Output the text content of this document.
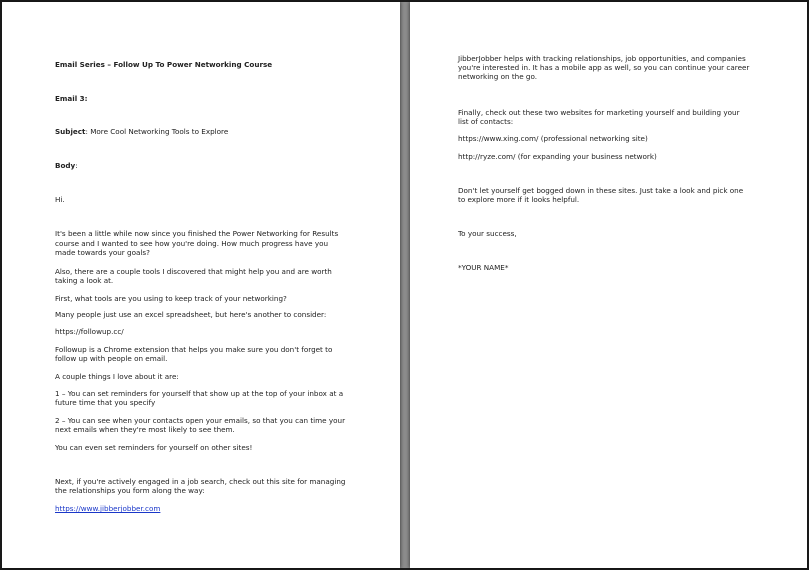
Email Series – Follow Up To Power Networking Course
Email 3:
Subject: More Cool Networking Tools to Explore
Body:
Hi.
It's been a little while now since you finished the Power Networking for Results
course and I wanted to see how you're doing. How much progress have you
made towards your goals?
Also, there are a couple tools I discovered that might help you and are worth
taking a look at.
First, what tools are you using to keep track of your networking?
Many people just use an excel spreadsheet, but here's another to consider:
https://followup.cc/
Followup is a Chrome extension that helps you make sure you don't forget to
follow up with people on email.
A couple things I love about it are:
1 – You can set reminders for yourself that show up at the top of your inbox at a
future time that you specify
2 – You can see when your contacts open your emails, so that you can time your
next emails when they're most likely to see them.
You can even set reminders for yourself on other sites!
Next, if you're actively engaged in a job search, check out this site for managing
the relationships you form along the way:
https://www.jibberjobber.com
JibberJobber helps with tracking relationships, job opportunities, and companies
you're interested in. It has a mobile app as well, so you can continue your career
networking on the go.
Finally, check out these two websites for marketing yourself and building your
list of contacts:
https://www.xing.com/ (professional networking site)
http://ryze.com/ (for expanding your business network)
Don't let yourself get bogged down in these sites. Just take a look and pick one
to explore more if it looks helpful.
To your success,
*YOUR NAME*
